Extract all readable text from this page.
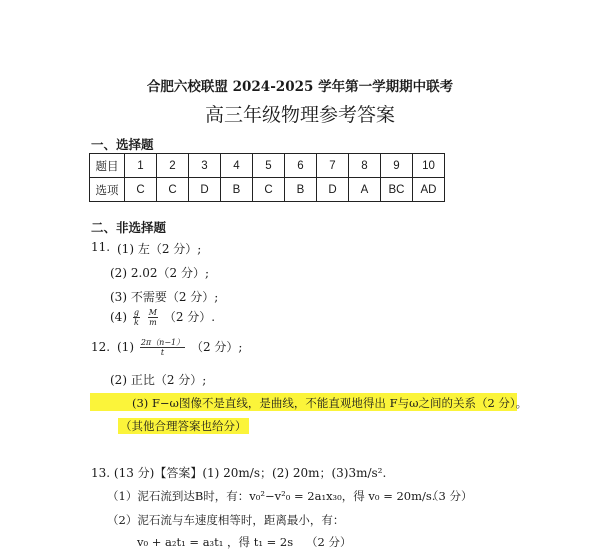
合肥六校联盟 2024-2025 学年第一学期期中联考
高三年级物理参考答案
一、选择题
题目	1	2	3	4	5	6	7	8	9	10
选项	C	C	D	B	C	B	D	A	BC	AD
二、非选择题
11. (1) 左（2 分）;
(2) 2.02（2 分）;
(3) 不需要（2 分）;
$(4) \frac{g}{k}$
$\frac{M}{m} (2$ 分）.
12. $(1) \frac{2\pi(n-1)}{t} (2$ 分）;
(2) 正比（2 分）;
(3) F−ω图像不是直线，是曲线，不能直观地得出 F与ω之间的关系（2 分）。
（其他合理答案也给分）
13. (13 分)【答案】(1) 20m/s；(2) 20m；(3)3m/s².
（1）泥石流到达B时，有：v₀²−v²₀ = 2a₁x₃₀，得 v₀ = 20m/s.
（3 分）
（2）泥石流与车速度相等时，距离最小，有：
v₀ + a₂t₁ = a₃t₁ ，得 t₁ = 2s （2 分）
